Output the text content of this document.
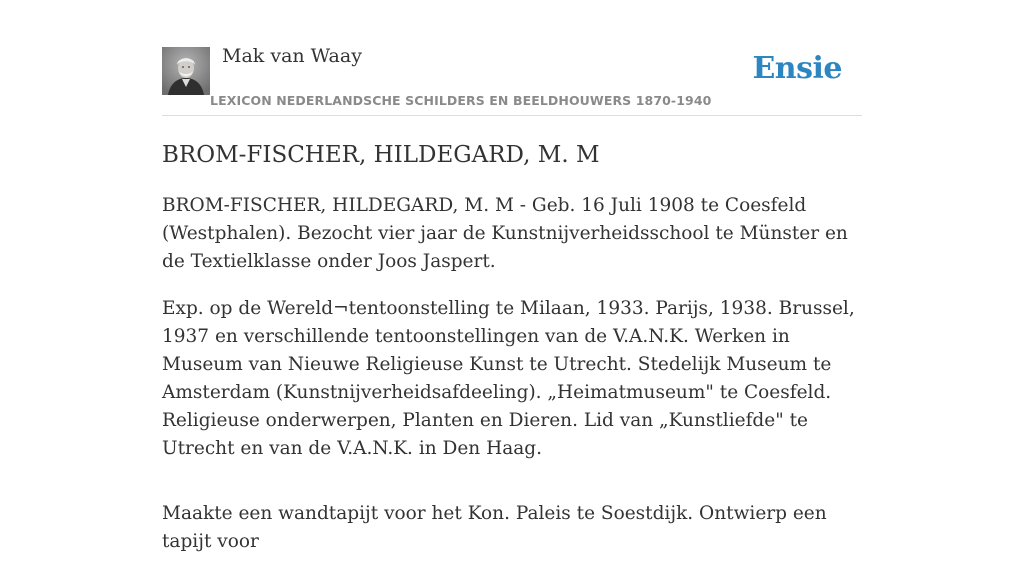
Mak van Waay
LEXICON NEDERLANDSCHE SCHILDERS EN BEELDHOUWERS 1870-1940
Ensie
BROM-FISCHER, HILDEGARD, M. M

BROM-FISCHER, HILDEGARD, M. M - Geb. 16 Juli 1908 te Coesfeld (Westphalen). Bezocht vier jaar de Kunstnijverheidsschool te Münster en de Textielklasse onder Joos Jaspert.

Exp. op de Wereld¬tentoonstelling te Milaan, 1933. Parijs, 1938. Brussel, 1937 en verschillende tentoonstellingen van de V.A.N.K. Werken in Museum van Nieuwe Religieuse Kunst te Utrecht. Stedelijk Museum te Amsterdam (Kunstnijverheidsafdeeling). „Heimatmuseum" te Coesfeld. Religieuse onderwerpen, Planten en Dieren. Lid van „Kunstliefde" te Utrecht en van de V.A.N.K. in Den Haag.

Maakte een wandtapijt voor het Kon. Paleis te Soestdijk. Ontwierp een tapijt voor
